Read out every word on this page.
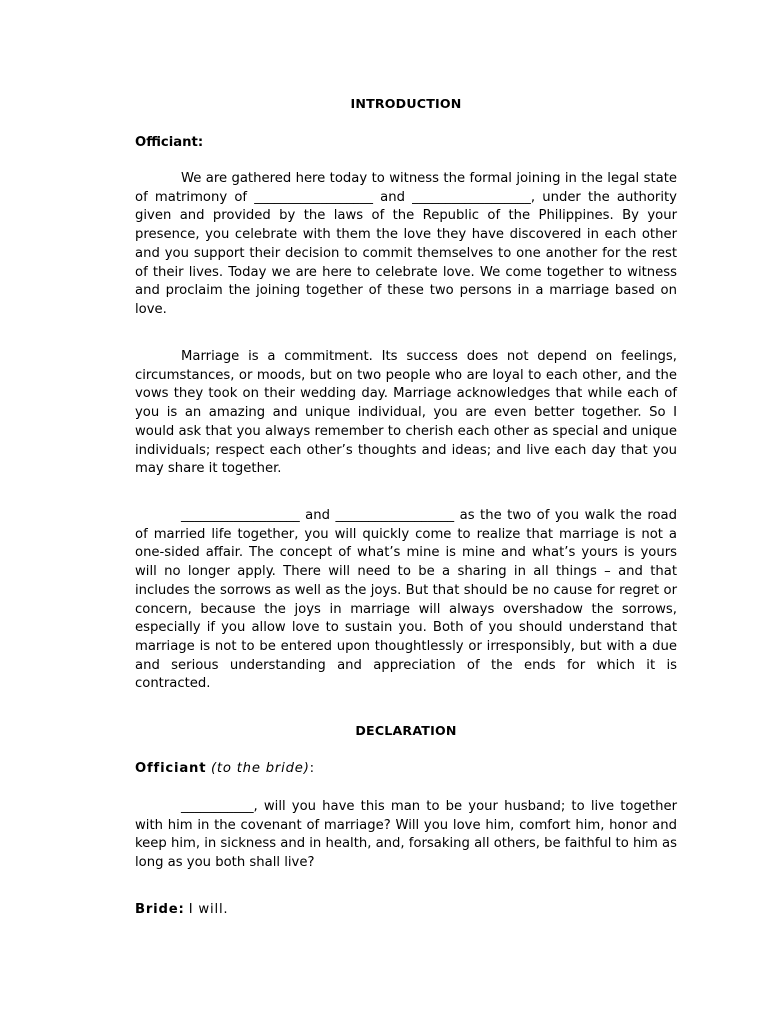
INTRODUCTION
Officiant:

We are gathered here today to witness the formal joining in the legal state of matrimony of __________________ and __________________, under the authority given and provided by the laws of the Republic of the Philippines. By your presence, you celebrate with them the love they have discovered in each other and you support their decision to commit themselves to one another for the rest of their lives. Today we are here to celebrate love. We come together to witness and proclaim the joining together of these two persons in a marriage based on love.

Marriage is a commitment. Its success does not depend on feelings, circumstances, or moods, but on two people who are loyal to each other, and the vows they took on their wedding day. Marriage acknowledges that while each of you is an amazing and unique individual, you are even better together. So I would ask that you always remember to cherish each other as special and unique individuals; respect each other’s thoughts and ideas; and live each day that you may share it together.

__________________ and __________________ as the two of you walk the road of married life together, you will quickly come to realize that marriage is not a one-sided affair. The concept of what’s mine is mine and what’s yours is yours will no longer apply. There will need to be a sharing in all things – and that includes the sorrows as well as the joys. But that should be no cause for regret or concern, because the joys in marriage will always overshadow the sorrows, especially if you allow love to sustain you. Both of you should understand that marriage is not to be entered upon thoughtlessly or irresponsibly, but with a due and serious understanding and appreciation of the ends for which it is contracted.

DECLARATION
Officiant (to the bride):

___________, will you have this man to be your husband; to live together with him in the covenant of marriage? Will you love him, comfort him, honor and keep him, in sickness and in health, and, forsaking all others, be faithful to him as long as you both shall live?

Bride: I will.
